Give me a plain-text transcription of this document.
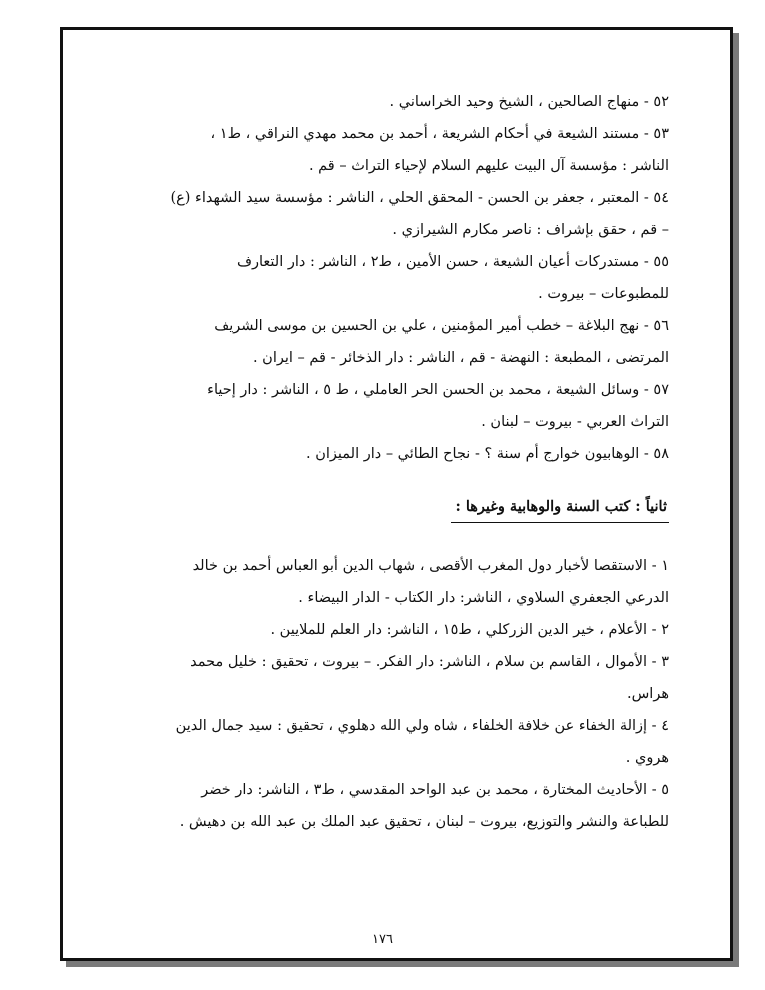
٥٢ - منهاج الصالحين ، الشيخ وحيد الخراساني .
٥٣ - مستند الشيعة في أحكام الشريعة ، أحمد بن محمد مهدي النراقي ، ط١ ،
الناشر : مؤسسة آل البيت عليهم السلام لإحياء التراث – قم .
٥٤ - المعتبر ، جعفر بن الحسن - المحقق الحلي ، الناشر : مؤسسة سيد الشهداء (ع)
– قم ، حقق بإشراف : ناصر مكارم الشيرازي .
٥٥ - مستدركات أعيان الشيعة ، حسن الأمين ، ط٢ ، الناشر : دار التعارف
للمطبوعات – بيروت .
٥٦ - نهج البلاغة – خطب أمير المؤمنين ، علي بن الحسين بن موسى الشريف
المرتضى ، المطبعة : النهضة - قم ، الناشر : دار الذخائر - قم – ايران .
٥٧ - وسائل الشيعة ، محمد بن الحسن الحر العاملي ، ط ٥ ، الناشر : دار إحياء
التراث العربي - بيروت – لبنان .
٥٨ - الوهابيون خوارج أم سنة ؟ - نجاح الطائي – دار الميزان .
ثانياً : كتب السنة والوهابية وغيرها :
١ - الاستقصا لأخبار دول المغرب الأقصى ، شهاب الدين أبو العباس أحمد بن خالد
الدرعي الجعفري السلاوي ، الناشر: دار الكتاب - الدار البيضاء .
٢ - الأعلام ، خير الدين الزركلي ، ط١٥ ، الناشر: دار العلم للملايين .
٣ - الأموال ، القاسم بن سلام ، الناشر: دار الفكر. – بيروت ، تحقيق : خليل محمد
هراس.
٤ - إزالة الخفاء عن خلافة الخلفاء ، شاه ولي الله دهلوي ، تحقيق : سيد جمال الدين
هروي .
٥ - الأحاديث المختارة ، محمد بن عبد الواحد المقدسي ، ط٣ ، الناشر: دار خضر
للطباعة والنشر والتوزيع، بيروت – لبنان ، تحقيق عبد الملك بن عبد الله بن دهيش .
١٧٦
